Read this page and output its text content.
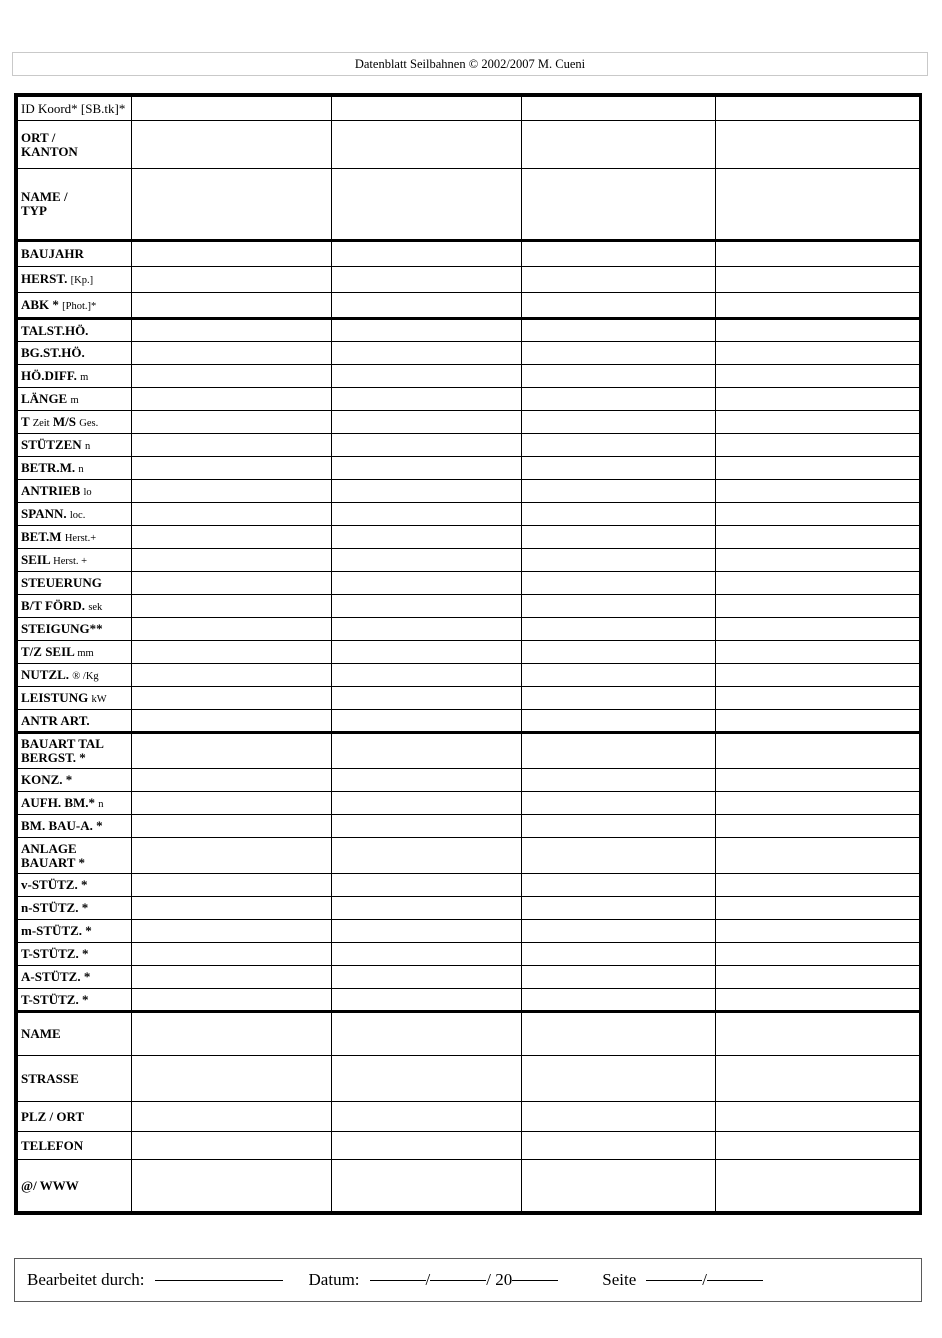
Datenblatt Seilbahnen © 2002/2007 M. Cueni
ID Koord* [SB.tk]*				

ORT /
KANTON				

NAME /
TYP				

BAUJAHR				
HERST. [Kp.]				
ABK * [Phot.]*				
TALST.HÖ.				
BG.ST.HÖ.				
HÖ.DIFF. m				
LÄNGE m				
T Zeit M/S Ges.				
STÜTZEN n				
BETR.M. n				
ANTRIEB lo				
SPANN. loc.				
BET.M Herst.+				
SEIL Herst. +				
STEUERUNG				
B/T FÖRD. sek				
STEIGUNG**				
T/Z SEIL mm				
NUTZL. ® /Kg				
LEISTUNG kW				
ANTR ART.				

BAUART TAL
BERGST. *				

KONZ. *				
AUFH. BM.* n				
BM. BAU-A. *				

ANLAGE
BAUART *				

v-STÜTZ. *				
n-STÜTZ. *				
m-STÜTZ. *				
T-STÜTZ. *				
A-STÜTZ. *				
T-STÜTZ. *				
NAME				
STRASSE				
PLZ / ORT				
TELEFON				
@/ WWW				
Bearbeitet durch:	Datum:	/	/ 20	Seite	/
